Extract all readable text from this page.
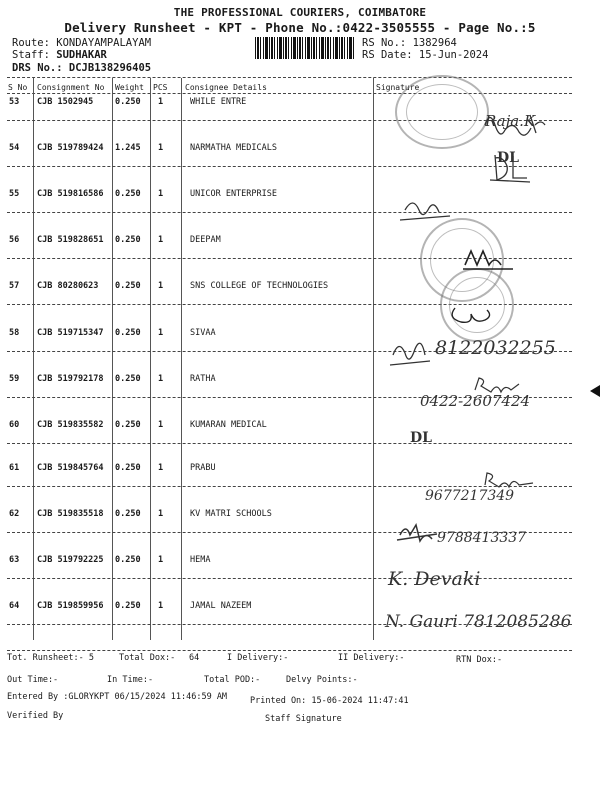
THE PROFESSIONAL COURIERS, COIMBATORE
Delivery Runsheet - KPT - Phone No.:0422-3505555 - Page No.:5
Route: KONDAYAMPALAYAM
Staff: SUDHAKAR
DRS No.: DCJB138296405
RS No.: 1382964
RS Date: 15-Jun-2024
S No Consignment No Weight PCS Consignee Details	Signature
53 CJB 1502945	0.250 1	WHILE ENTRE
54 CJB 519789424 1.245 1	NARMATHA MEDICALS
55 CJB 519816586 0.250 1	UNICOR ENTERPRISE
56 CJB 519828651 0.250 1	DEEPAM
57 CJB 80280623 0.250 1	SNS COLLEGE OF TECHNOLOGIES
58 CJB 519715347 0.250 1	SIVAA
59 CJB 519792178 0.250 1	RATHA
60 CJB 519835582 0.250 1	KUMARAN MEDICAL
61 CJB 519845764 0.250 1	PRABU
62 CJB 519835518 0.250 1	KV MATRI SCHOOLS
63 CJB 519792225 0.250 1	HEMA
64 CJB 519859956 0.250 1	JAMAL NAZEEM
8122032255
0422-2607424
DL
9677217349
9788413337
K. Devaki
N. Gauri 7812085286
Raja.K
DL
Tot. Runsheet:- 5	Total Dox:- 64	I Delivery:-	II Delivery:-	RTN Dox:-
Out Time:-	In Time:-	Total POD:-	Delvy Points:-
Entered By :GLORYKPT 06/15/2024 11:46:59 AM	Printed On: 15-06-2024 11:47:41
Verified By	Staff Signature
